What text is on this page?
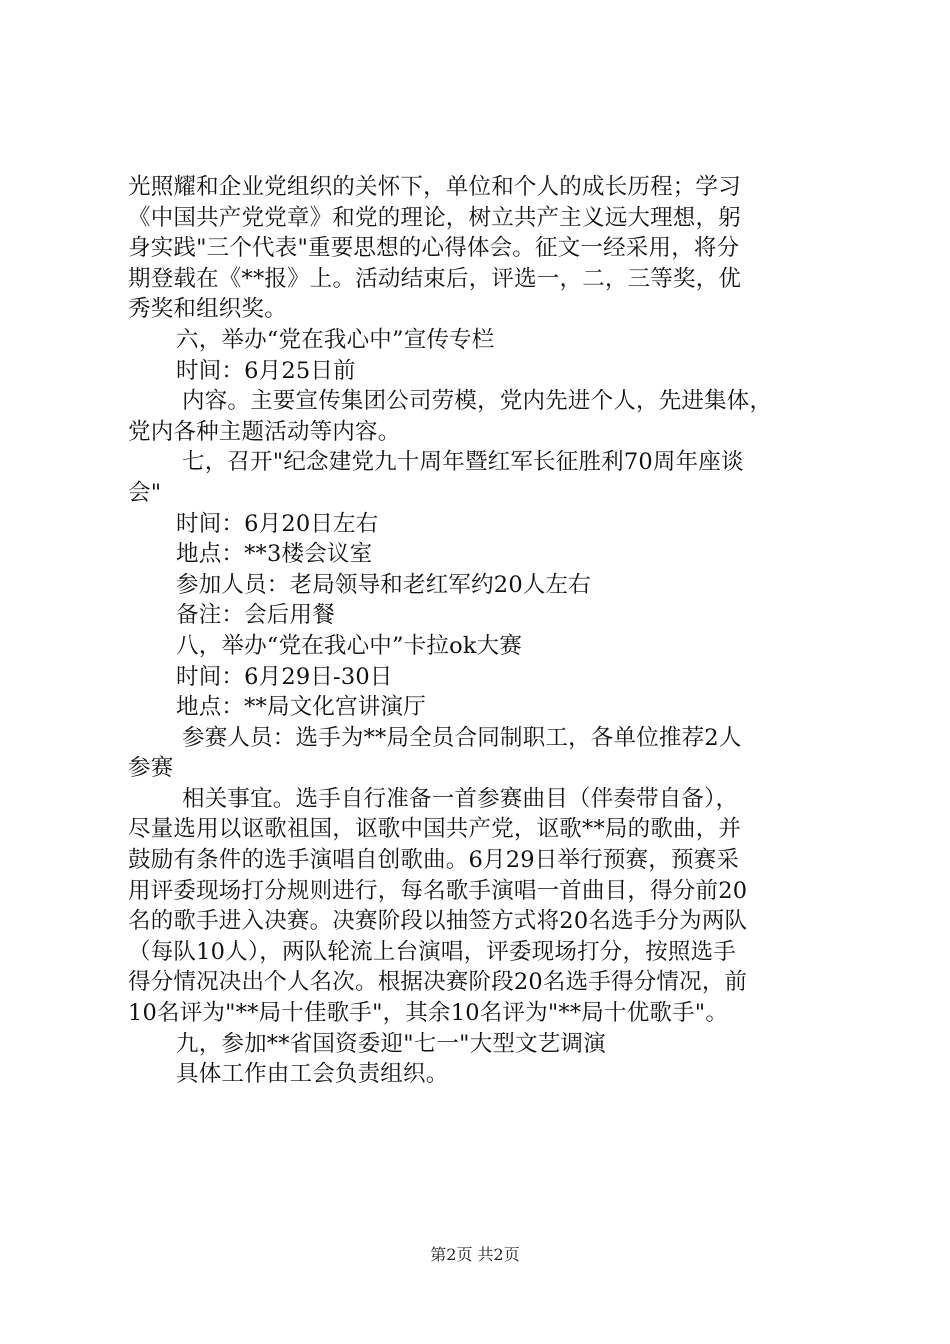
光照耀和企业党组织的关怀下，单位和个人的成长历程；学习
《中国共产党党章》和党的理论，树立共产主义远大理想，躬
身实践"三个代表"重要思想的心得体会。征文一经采用，将分
期登载在《**报》上。活动结束后，评选一，二，三等奖，优
秀奖和组织奖。
六，举办“党在我心中”宣传专栏
时间：6月25日前
内容。主要宣传集团公司劳模，党内先进个人，先进集体，
党内各种主题活动等内容。
七，召开"纪念建党九十周年暨红军长征胜利70周年座谈
会"
时间：6月20日左右
地点：**3楼会议室
参加人员：老局领导和老红军约20人左右
备注：会后用餐
八，举办“党在我心中”卡拉ok大赛
时间：6月29日-30日
地点：**局文化宫讲演厅
参赛人员：选手为**局全员合同制职工，各单位推荐2人
参赛
相关事宜。选手自行准备一首参赛曲目（伴奏带自备），
尽量选用以讴歌祖国，讴歌中国共产党，讴歌**局的歌曲，并
鼓励有条件的选手演唱自创歌曲。6月29日举行预赛，预赛采
用评委现场打分规则进行，每名歌手演唱一首曲目，得分前20
名的歌手进入决赛。决赛阶段以抽签方式将20名选手分为两队
（每队10人），两队轮流上台演唱，评委现场打分，按照选手
得分情况决出个人名次。根据决赛阶段20名选手得分情况，前
10名评为"**局十佳歌手"，其余10名评为"**局十优歌手"。
九，参加**省国资委迎"七一"大型文艺调演
具体工作由工会负责组织。
第2页 共2页
